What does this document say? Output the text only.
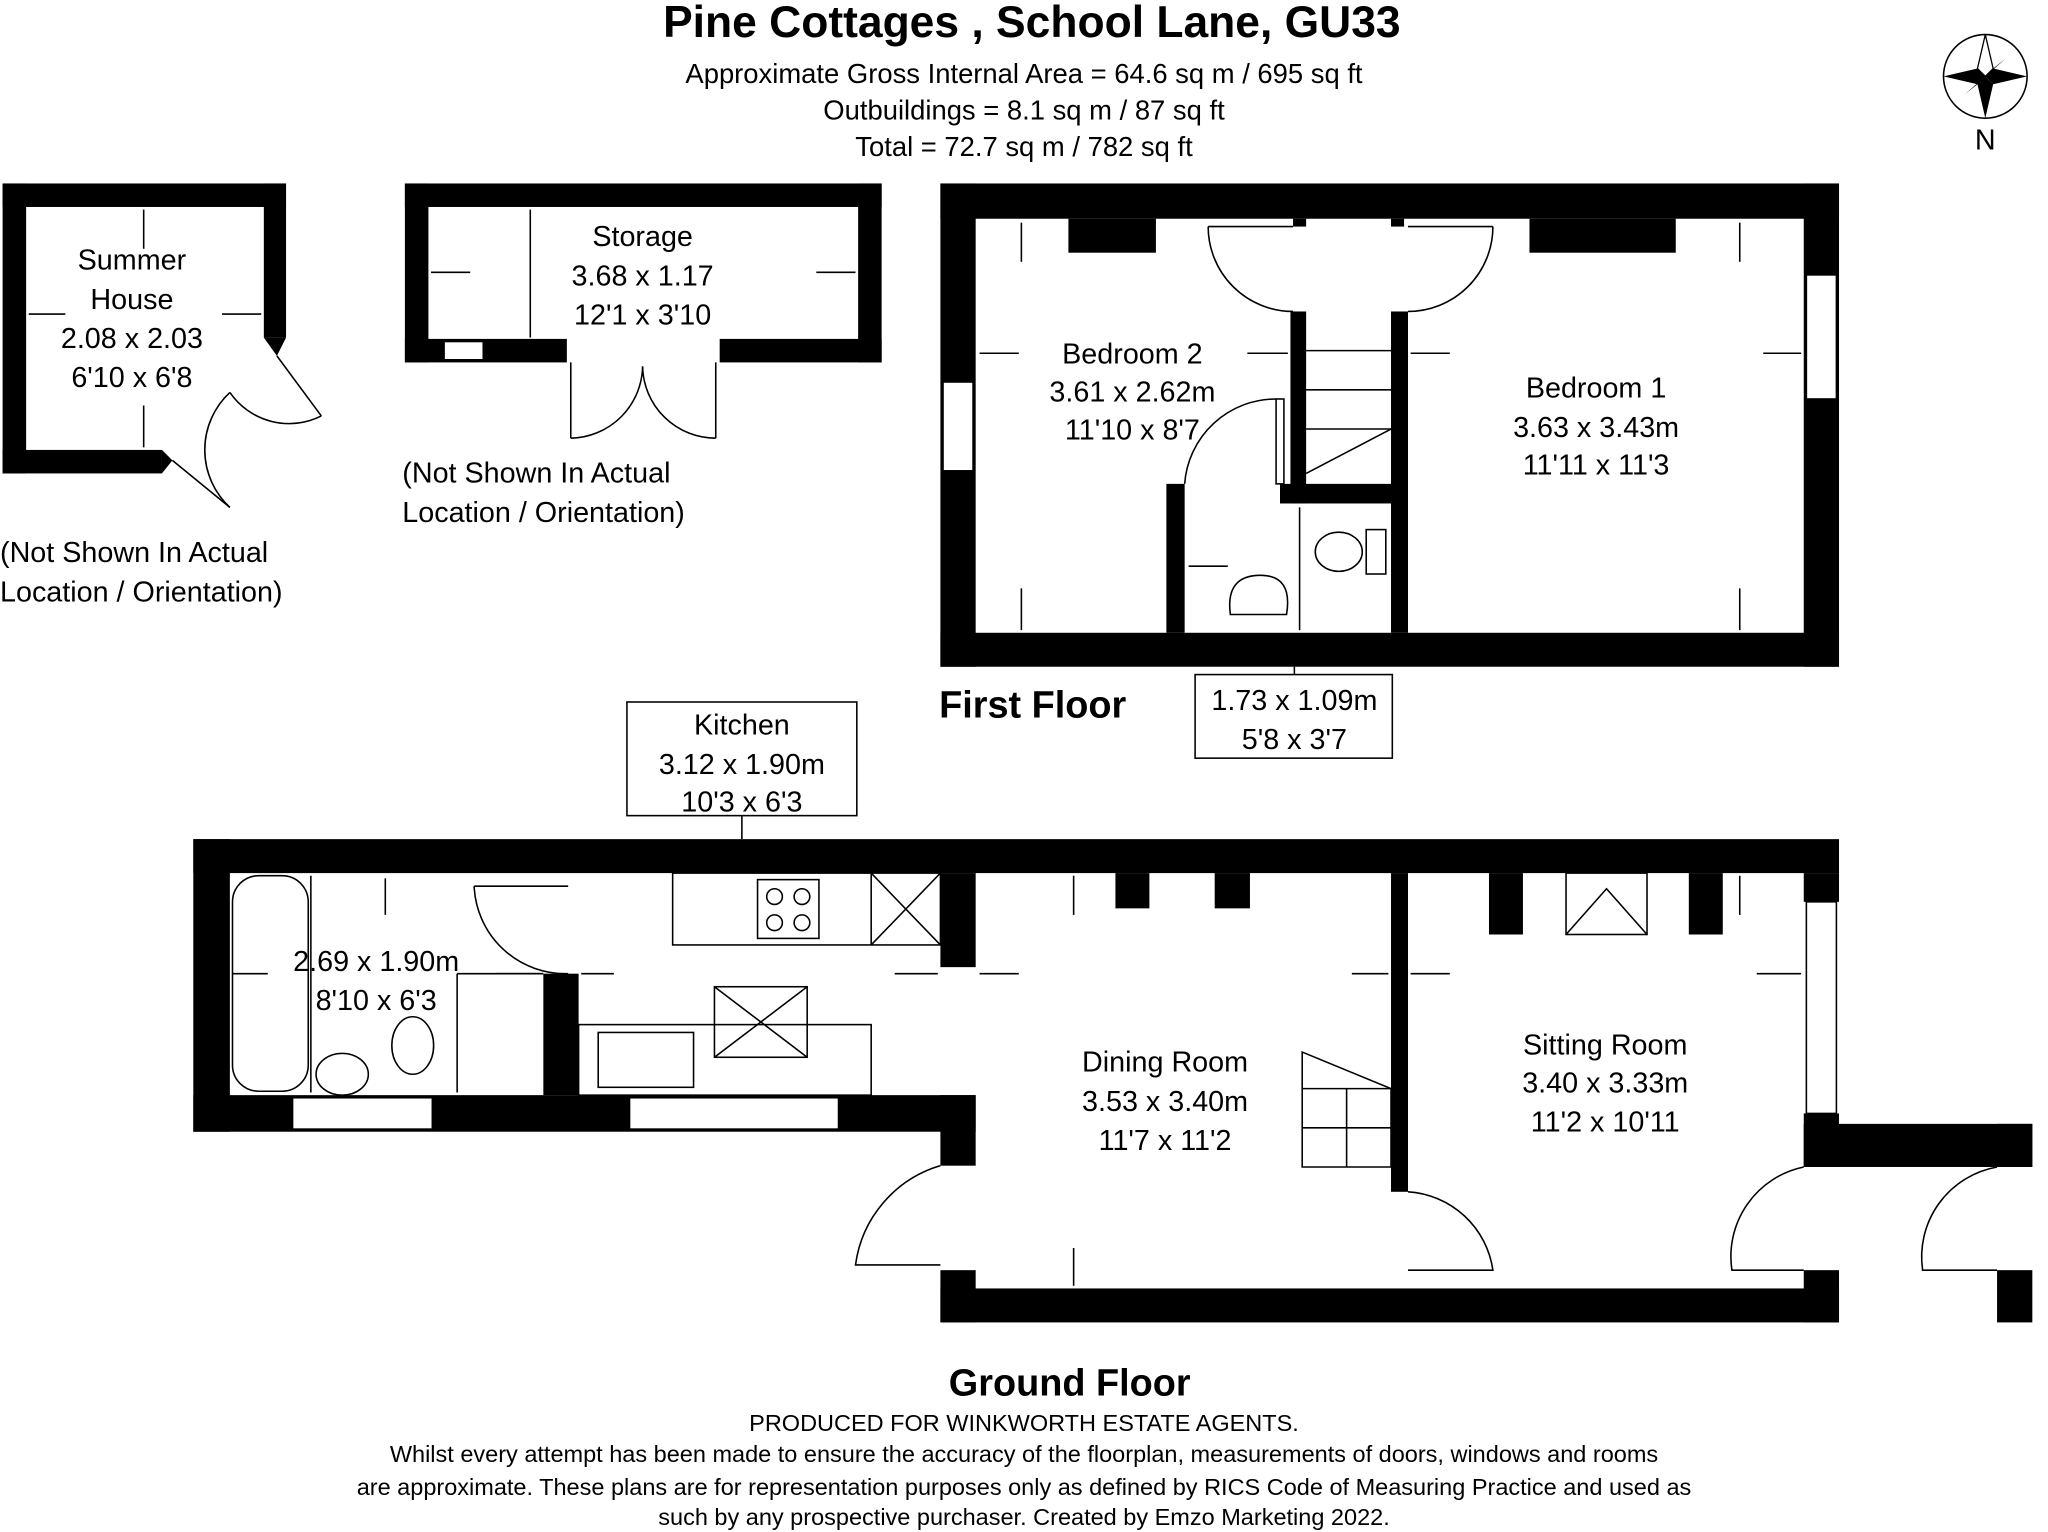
Pine Cottages , School Lane, GU33
Approximate Gross Internal Area = 64.6 sq m / 695 sq ft
Outbuildings = 8.1 sq m / 87 sq ft
Total = 72.7 sq m / 782 sq ft	N
Summer
House
2.08 x 2.03
6'10 x 6'8
(Not Shown In Actual
Location / Orientation)
Storage
3.68 x 1.17
12'1 x 3'10
(Not Shown In Actual
Location / Orientation)
Bedroom 2
3.61 x 2.62m
11'10 x 8'7
Bedroom 1
3.63 x 3.43m
11'11 x 11'3
First Floor	1.73 x 1.09m
5'8 x 3'7
Kitchen
3.12 x 1.90m
10'3 x 6'3
2.69 x 1.90m
8'10 x 6'3
Dining Room
3.53 x 3.40m
11'7 x 11'2
Sitting Room
3.40 x 3.33m
11'2 x 10'11
Ground Floor
PRODUCED FOR WINKWORTH ESTATE AGENTS.
Whilst every attempt has been made to ensure the accuracy of the floorplan, measurements of doors, windows and rooms
are approximate. These plans are for representation purposes only as defined by RICS Code of Measuring Practice and used as
such by any prospective purchaser. Created by Emzo Marketing 2022.
